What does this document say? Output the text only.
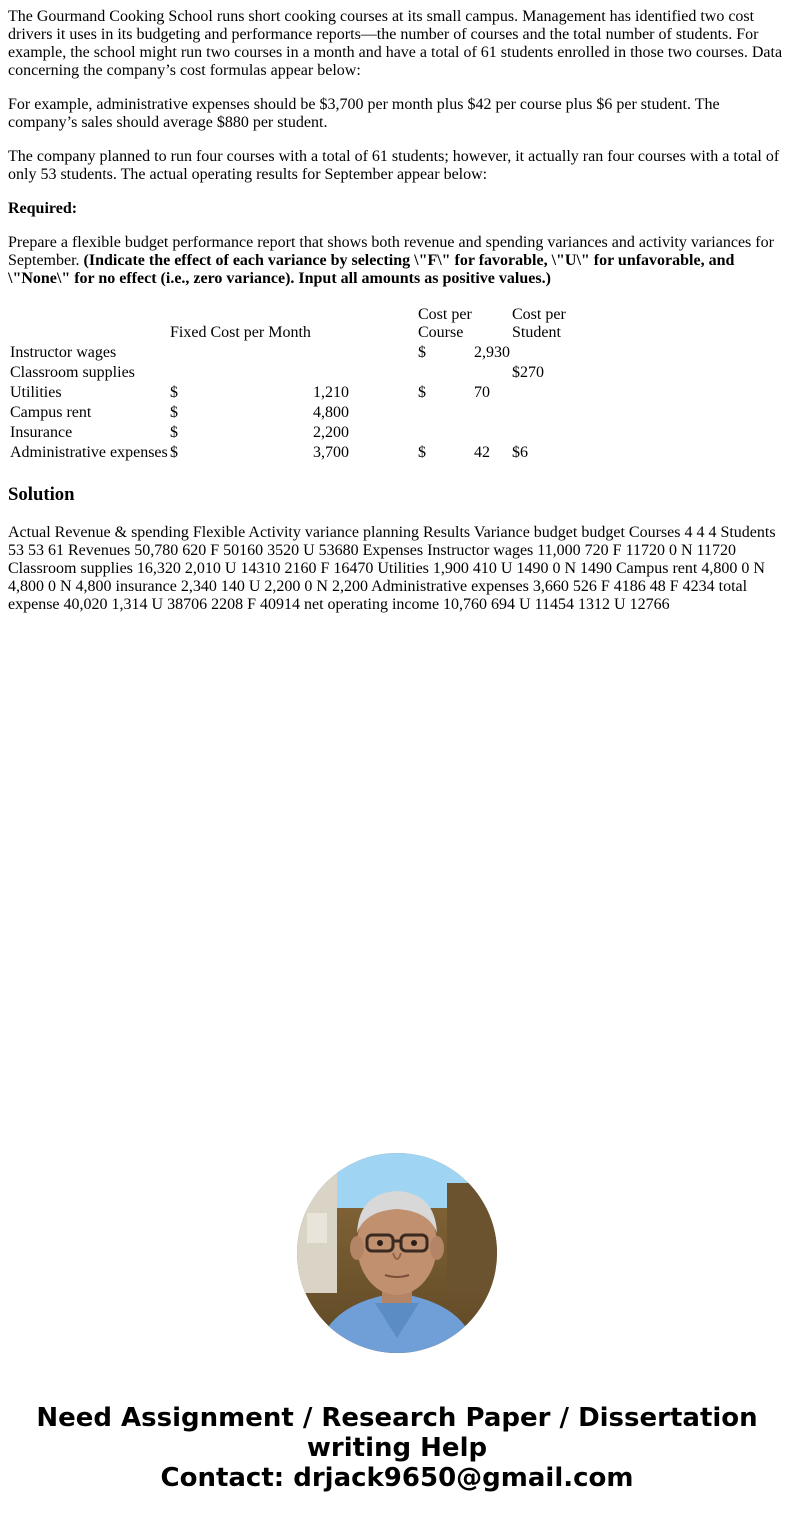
The Gourmand Cooking School runs short cooking courses at its small campus. Management has identified two cost drivers it uses in its budgeting and performance reports—the number of courses and the total number of students. For example, the school might run two courses in a month and have a total of 61 students enrolled in those two courses. Data concerning the company’s cost formulas appear below:

For example, administrative expenses should be $3,700 per month plus $42 per course plus $6 per student. The company’s sales should average $880 per student.

The company planned to run four courses with a total of 61 students; however, it actually ran four courses with a total of only 53 students. The actual operating results for September appear below:

Required:

Prepare a flexible budget performance report that shows both revenue and spending variances and activity variances for September. (Indicate the effect of each variance by selecting \"F\" for favorable, \"U\" for unfavorable, and \"None\" for no effect (i.e., zero variance). Input all amounts as positive values.)

	Fixed Cost per Month		Cost per Course		Cost per
Student
Instructor wages			$	2,930	
Classroom supplies					$270
Utilities	$	1,210	$	70	
Campus rent	$	4,800			
Insurance	$	2,200			
Administrative expenses	$	3,700	$	42	$6
Solution

Actual Revenue & spending Flexible Activity variance planning Results Variance budget budget Courses 4 4 4 Students 53 53 61 Revenues 50,780 620 F 50160 3520 U 53680 Expenses Instructor wages 11,000 720 F 11720 0 N 11720 Classroom supplies 16,320 2,010 U 14310 2160 F 16470 Utilities 1,900 410 U 1490 0 N 1490 Campus rent 4,800 0 N 4,800 0 N 4,800 insurance 2,340 140 U 2,200 0 N 2,200 Administrative expenses 3,660 526 F 4186 48 F 4234 total expense 40,020 1,314 U 38706 2208 F 40914 net operating income 10,760 694 U 11454 1312 U 12766

Need Assignment / Research Paper / Dissertation
writing Help
Contact: drjack9650@gmail.com
